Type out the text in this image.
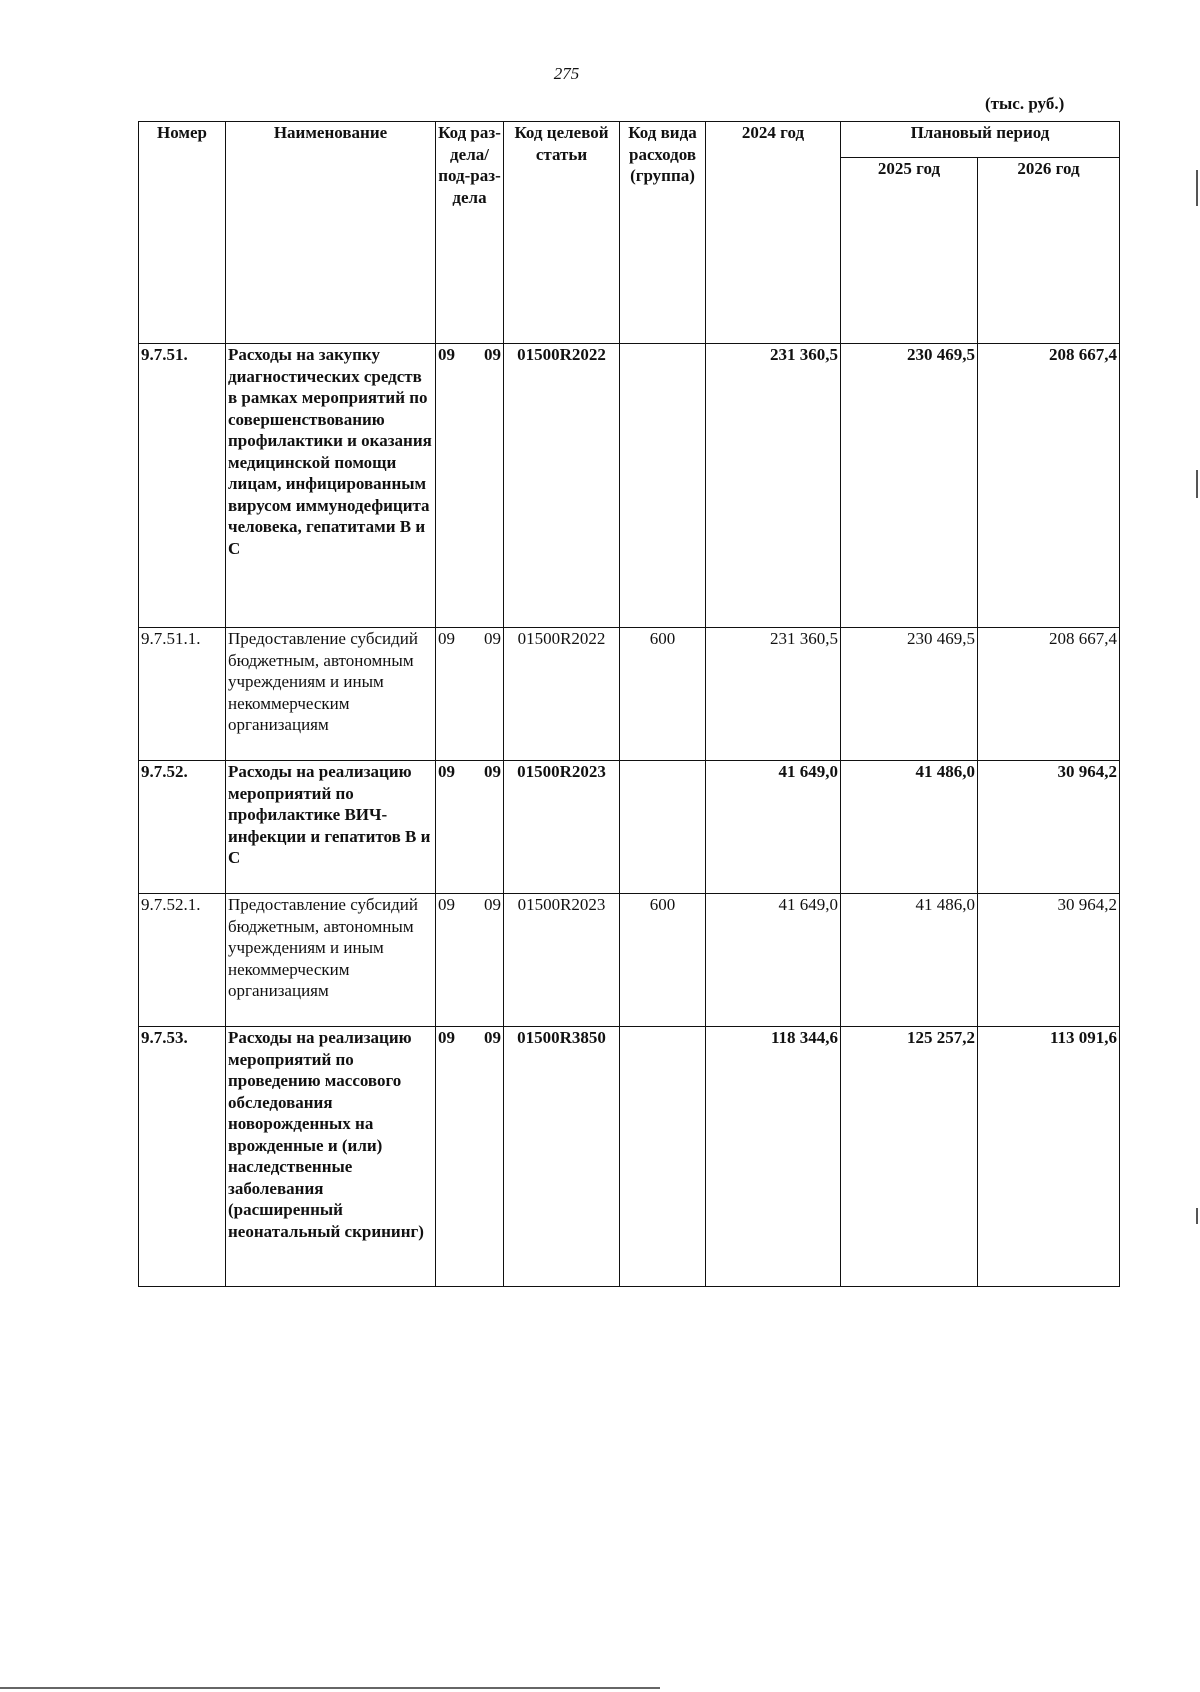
275
(тыс. руб.)
Номер	Наименование	Код раз-дела/ под-раз-дела	Код целевой статьи	Код вида расходов (группа)	2024 год	Плановый период	
						2025 год	2026 год
9.7.51.	Расходы на закупку диагностических средств в рамках мероприятий по совершенствованию профилактики и оказания медицинской помощи лицам, инфицированным вирусом иммунодефицита человека, гепатитами В и С	09 09	01500R2022		231 360,5	230 469,5	208 667,4
9.7.51.1.	Предоставление субсидий бюджетным, автономным учреждениям и иным некоммерческим организациям	09 09	01500R2022	600	231 360,5	230 469,5	208 667,4
9.7.52.	Расходы на реализацию мероприятий по профилактике ВИЧ-инфекции и гепатитов В и С	09 09	01500R2023		41 649,0	41 486,0	30 964,2
9.7.52.1.	Предоставление субсидий бюджетным, автономным учреждениям и иным некоммерческим организациям	09 09	01500R2023	600	41 649,0	41 486,0	30 964,2
9.7.53.	Расходы на реализацию мероприятий по проведению массового обследования новорожденных на врожденные и (или) наследственные заболевания (расширенный неонатальный скрининг)	09 09	01500R3850		118 344,6	125 257,2	113 091,6
